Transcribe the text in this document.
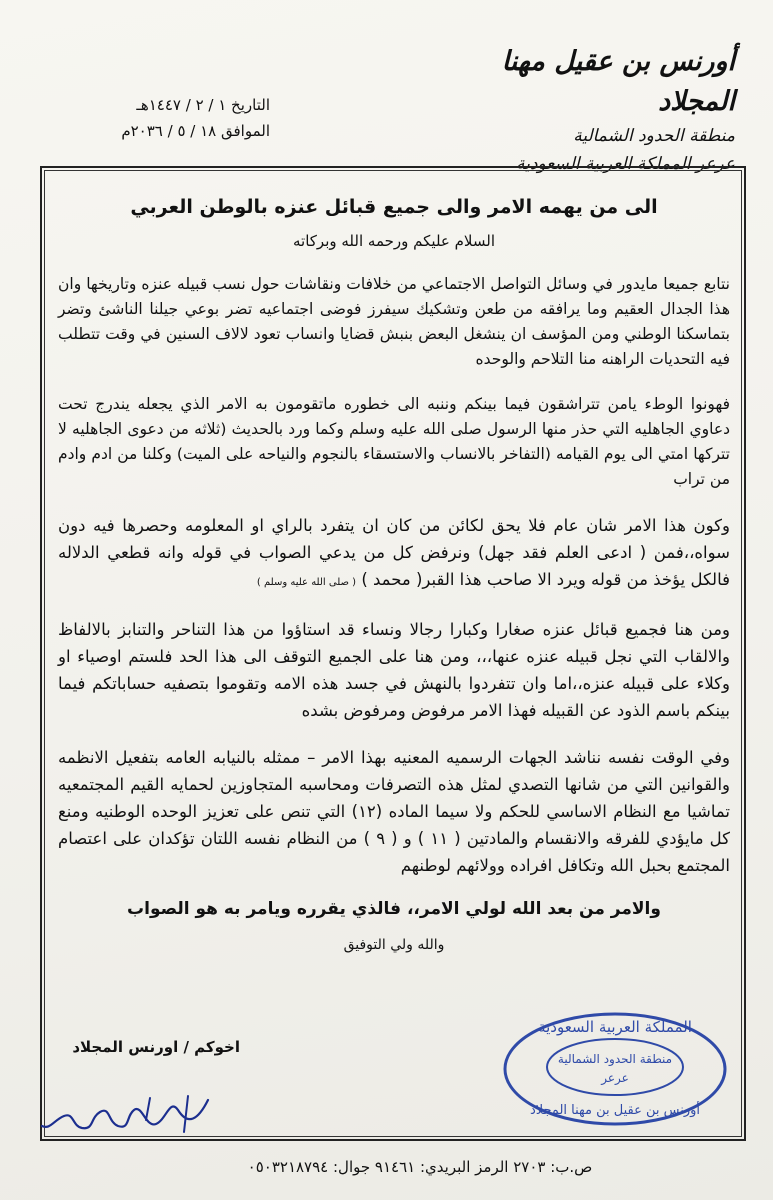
أورنس بن عقيل مهنا المجلاد
منطقة الحدود الشمالية
عرعر المملكة العربية السعودية
التاريخ ١ / ٢ / ١٤٤٧هـ
الموافق ١٨ / ٥ / ٢٠٣٦م
الى من يهمه الامر والى جميع قبائل عنزه بالوطن العربي
السلام عليكم ورحمه الله وبركاته

نتابع جميعا مايدور في وسائل التواصل الاجتماعي من خلافات ونقاشات حول نسب قبيله عنزه وتاريخها وان هذا الجدال العقيم وما يرافقه من طعن وتشكيك سيفرز فوضى اجتماعيه تضر بوعي جيلنا الناشئ وتضر بتماسكنا الوطني ومن المؤسف ان ينشغل البعض بنبش قضايا وانساب تعود لالاف السنين في وقت تتطلب فيه التحديات الراهنه منا التلاحم والوحده

فهونوا الوطء يامن تتراشقون فيما بينكم وننبه الى خطوره ماتقومون به الامر الذي يجعله يندرج تحت دعاوي الجاهليه التي حذر منها الرسول صلى الله عليه وسلم وكما ورد بالحديث (ثلاثه من دعوى الجاهليه لا تتركها امتي الى يوم القيامه (التفاخر بالانساب والاستسقاء بالنجوم والنياحه على الميت) وكلنا من ادم وادم من تراب

وكون هذا الامر شان عام فلا يحق لكائن من كان ان يتفرد بالراي او المعلومه وحصرها فيه دون سواه،،فمن ( ادعى العلم فقد جهل) ونرفض كل من يدعي الصواب في قوله وانه قطعي الدلاله فالكل يؤخذ من قوله ويرد الا صاحب هذا القبر( محمد ) ( صلى الله عليه وسلم )

ومن هنا فجميع قبائل عنزه صغارا وكبارا رجالا ونساء قد استاؤوا من هذا التناحر والتنابز بالالفاظ والالقاب التي نجل قبيله عنزه عنها،،، ومن هنا على الجميع التوقف الى هذا الحد فلستم اوصياء او وكلاء على قبيله عنزه،،اما وان تتفردوا بالنهش في جسد هذه الامه وتقوموا بتصفيه حساباتكم فيما بينكم باسم الذود عن القبيله فهذا الامر مرفوض ومرفوض بشده

وفي الوقت نفسه نناشد الجهات الرسميه المعنيه بهذا الامر – ممثله بالنيابه العامه بتفعيل الانظمه والقوانين التي من شانها التصدي لمثل هذه التصرفات ومحاسبه المتجاوزين لحمايه القيم المجتمعيه تماشيا مع النظام الاساسي للحكم ولا سيما الماده (١٢) التي تنص على تعزيز الوحده الوطنيه ومنع كل مايؤدي للفرقه والانقسام والمادتين ( ١١ ) و ( ٩ ) من النظام نفسه اللتان تؤكدان على اعتصام المجتمع بحبل الله وتكافل افراده وولائهم لوطنهم

والامر من بعد الله لولي الامر،، فالذي يقرره ويامر به هو الصواب
والله ولي التوفيق
اخوكم / اورنس المجلاد
المملكة العربية السعودية
منطقة الحدود الشمالية
عرعر
أورنس بن عقيل بن مهنا المجلاد
ص.ب: ٢٧٠٣ الرمز البريدي: ٩١٤٦١ جوال: ٠٥٠٣٢١٨٧٩٤
